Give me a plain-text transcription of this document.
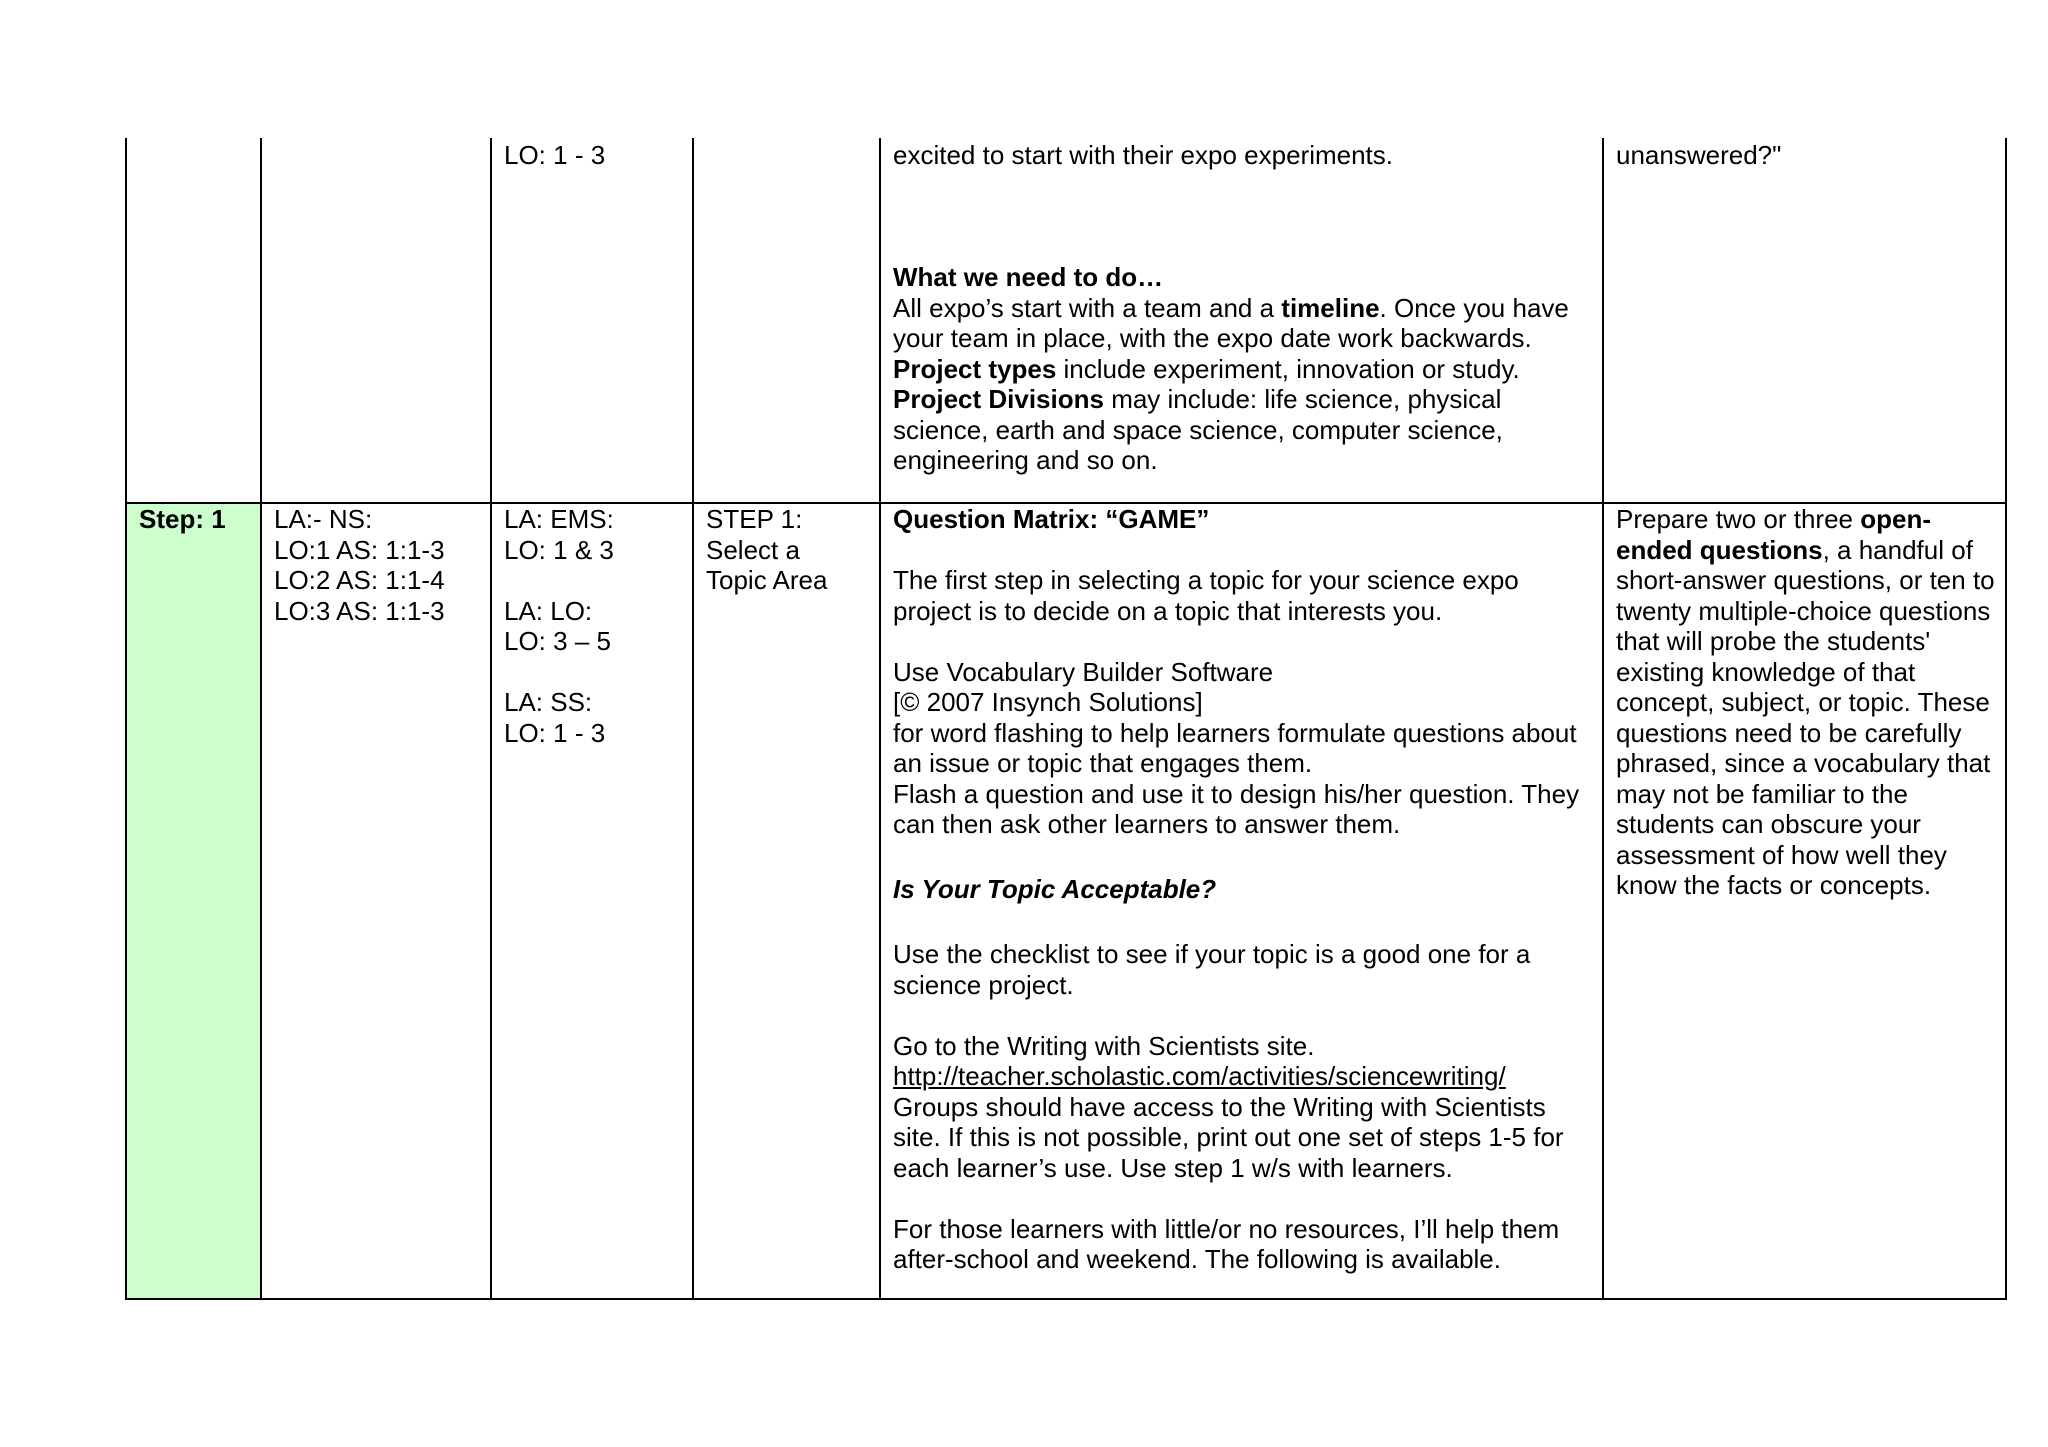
LO: 1 - 3	excited to start with their expo experiments.
What we need to do…
All expo’s start with a team and a timeline. Once you have your team in place, with the expo date work backwards.
Project types include experiment, innovation or study.
Project Divisions may include: life science, physical science, earth and space science, computer science, engineering and so on.
unanswered?"
Step: 1	LA:- NS:
LO:1 AS: 1:1-3
LO:2 AS: 1:1-4
LO:3 AS: 1:1-3
LA: EMS:
LO: 1 & 3
LA: LO:
LO: 3 – 5
LA: SS:
LO: 1 - 3
STEP 1:
Select a
Topic Area
Question Matrix: “GAME”
The first step in selecting a topic for your science expo project is to decide on a topic that interests you.
Use Vocabulary Builder Software
[© 2007 Insynch Solutions]
for word flashing to help learners formulate questions about an issue or topic that engages them.
Flash a question and use it to design his/her question. They can then ask other learners to answer them.
Is Your Topic Acceptable?
Use the checklist to see if your topic is a good one for a science project.
Go to the Writing with Scientists site.
http://teacher.scholastic.com/activities/sciencewriting/
Groups should have access to the Writing with Scientists site. If this is not possible, print out one set of steps 1-5 for each learner’s use. Use step 1 w/s with learners.
For those learners with little/or no resources, I’ll help them after-school and weekend. The following is available.
Prepare two or three open-ended questions, a handful of short-answer questions, or ten to twenty multiple-choice questions that will probe the students' existing knowledge of that concept, subject, or topic. These questions need to be carefully phrased, since a vocabulary that may not be familiar to the students can obscure your assessment of how well they know the facts or concepts.
